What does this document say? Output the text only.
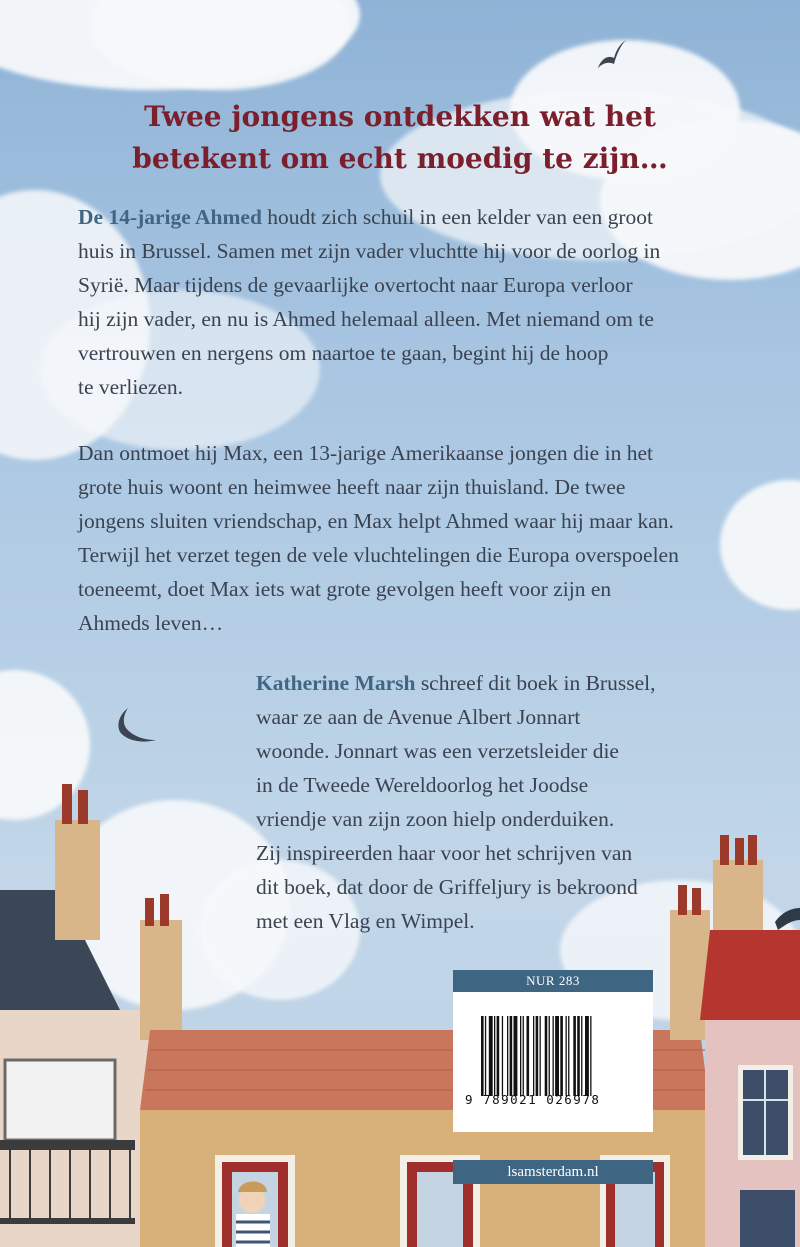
Twee jongens ontdekken wat het
betekent om echt moedig te zijn…
De 14-jarige Ahmed houdt zich schuil in een kelder van een groot
huis in Brussel. Samen met zijn vader vluchtte hij voor de oorlog in
Syrië. Maar tijdens de gevaarlijke overtocht naar Europa verloor
hij zijn vader, en nu is Ahmed helemaal alleen. Met niemand om te
vertrouwen en nergens om naartoe te gaan, begint hij de hoop
te verliezen.
Dan ontmoet hij Max, een 13-jarige Amerikaanse jongen die in het
grote huis woont en heimwee heeft naar zijn thuisland. De twee
jongens sluiten vriendschap, en Max helpt Ahmed waar hij maar kan.
Terwijl het verzet tegen de vele vluchtelingen die Europa overspoelen
toeneemt, doet Max iets wat grote gevolgen heeft voor zijn en
Ahmeds leven…
Katherine Marsh schreef dit boek in Brussel,
waar ze aan de Avenue Albert Jonnart
woonde. Jonnart was een verzetsleider die
in de Tweede Wereldoorlog het Joodse
vriendje van zijn zoon hielp onderduiken.
Zij inspireerden haar voor het schrijven van
dit boek, dat door de Griffeljury is bekroond
met een Vlag en Wimpel.
NUR 283
9 789021 026978
lsamsterdam.nl
